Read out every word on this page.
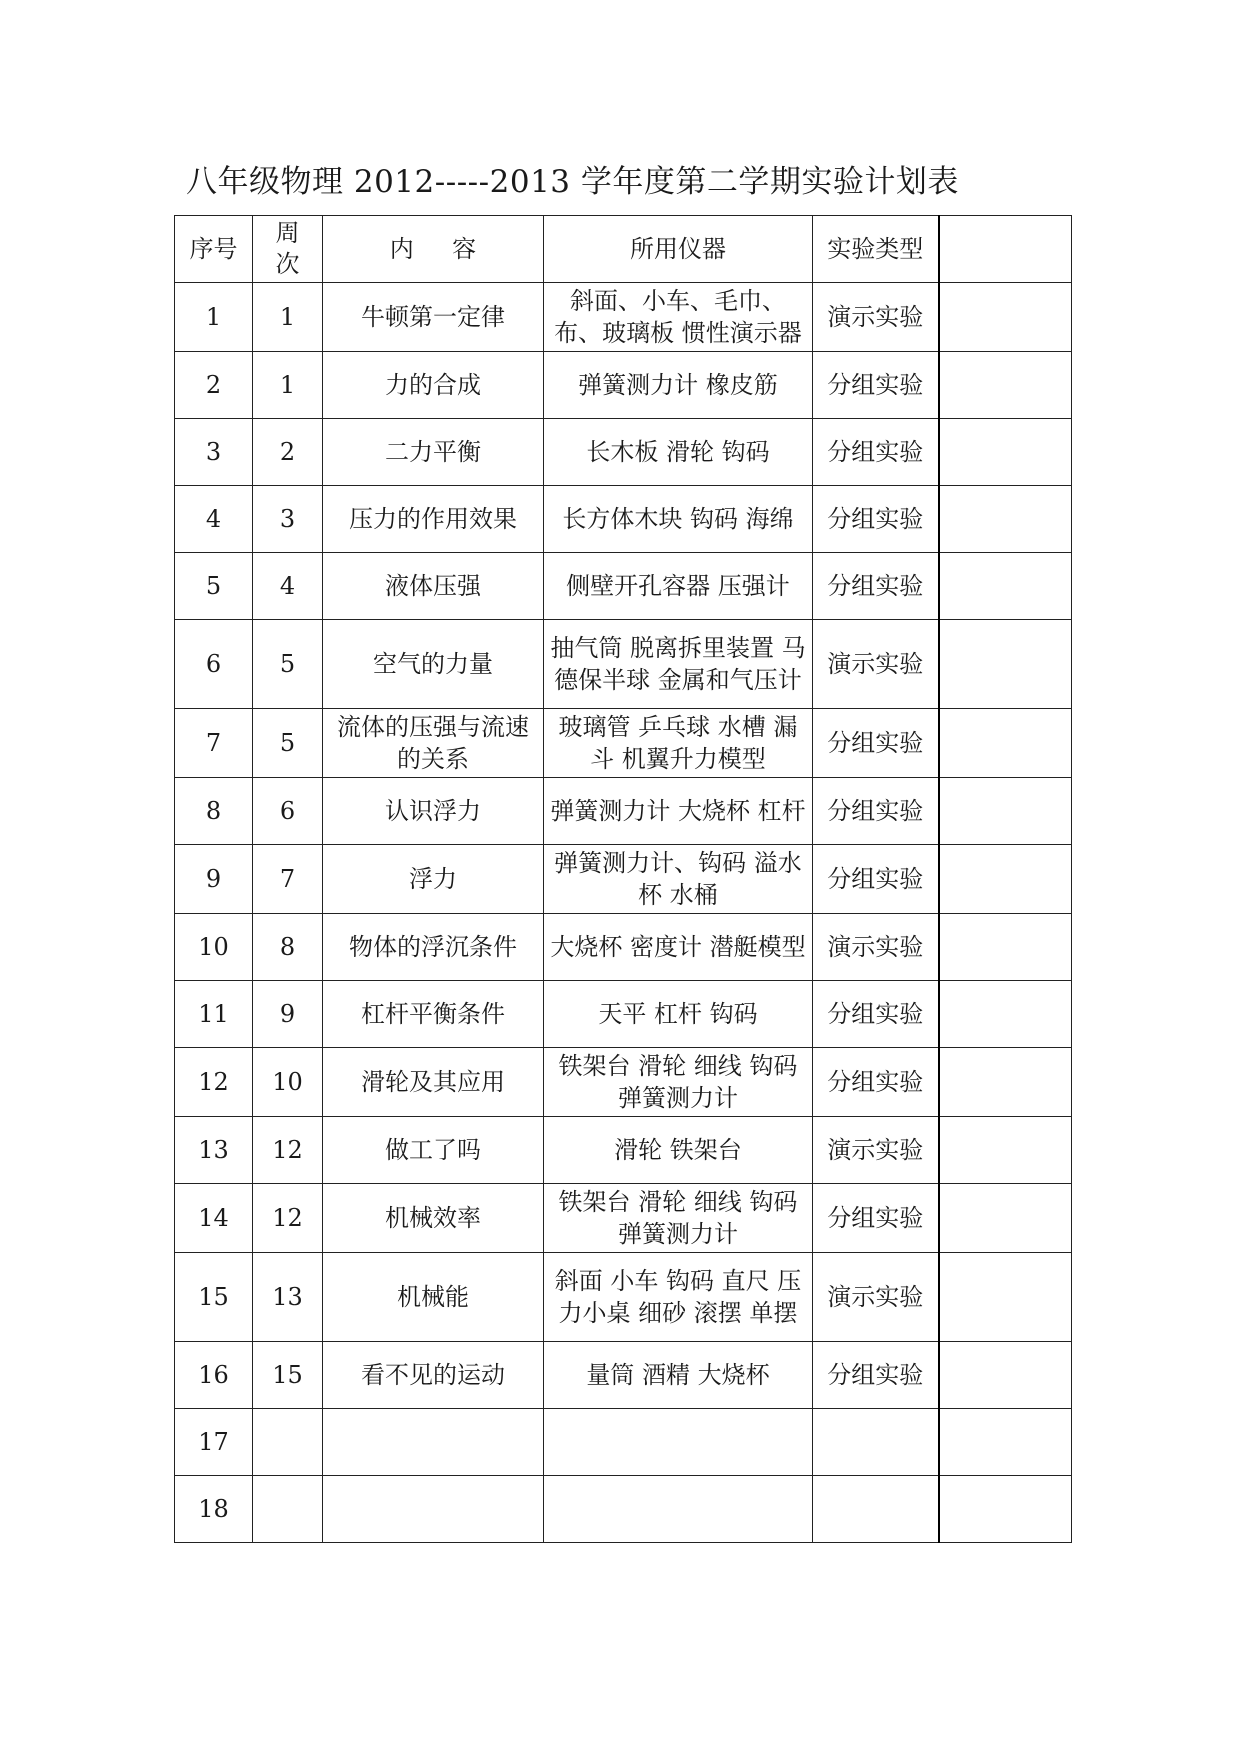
八年级物理 2012-----2013 学年度第二学期实验计划表
序号	周次	内容	所用仪器	实验类型	
1	1	牛顿第一定律	斜面、小车、毛巾、布、玻璃板 惯性演示器	演示实验	
2	1	力的合成	弹簧测力计 橡皮筋	分组实验	
3	2	二力平衡	长木板 滑轮 钩码	分组实验	
4	3	压力的作用效果	长方体木块 钩码 海绵	分组实验	
5	4	液体压强	侧壁开孔容器 压强计	分组实验	
6	5	空气的力量	抽气筒 脱离拆里装置 马德保半球 金属和气压计	演示实验	
7	5	流体的压强与流速的关系	玻璃管 乒乓球 水槽 漏斗 机翼升力模型	分组实验	
8	6	认识浮力	弹簧测力计 大烧杯 杠杆	分组实验	
9	7	浮力	弹簧测力计、钩码 溢水杯 水桶	分组实验	
10	8	物体的浮沉条件	大烧杯 密度计 潜艇模型	演示实验	
11	9	杠杆平衡条件	天平 杠杆 钩码	分组实验	
12	10	滑轮及其应用	铁架台 滑轮 细线 钩码 弹簧测力计	分组实验	
13	12	做工了吗	滑轮 铁架台	演示实验	
14	12	机械效率	铁架台 滑轮 细线 钩码 弹簧测力计	分组实验	
15	13	机械能	斜面 小车 钩码 直尺 压力小桌 细砂 滚摆 单摆	演示实验	
16	15	看不见的运动	量筒 酒精 大烧杯	分组实验	
17					
18					
